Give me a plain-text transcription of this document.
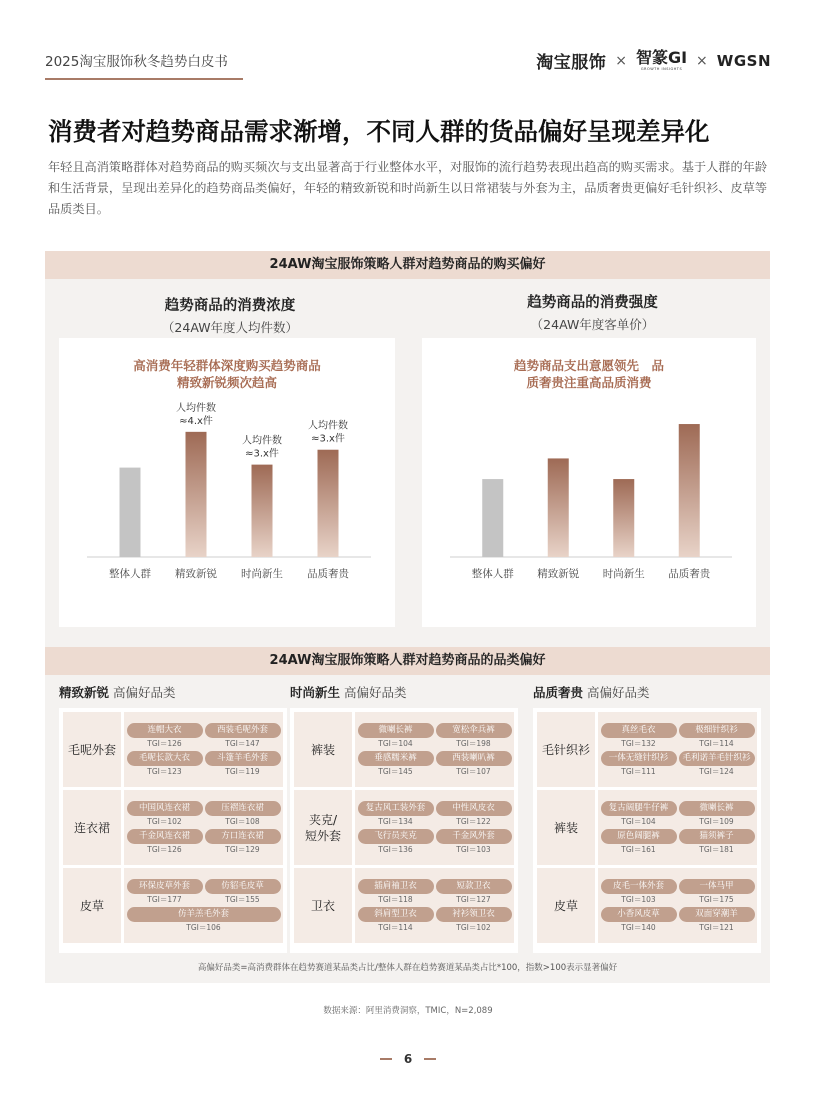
2025淘宝服饰秋冬趋势白皮书	淘宝服饰 × 智篆GI
GROWTH INSIGHTS
× WGSN
消费者对趋势商品需求渐增，不同人群的货品偏好呈现差异化
年轻且高消策略群体对趋势商品的购买频次与支出显著高于行业整体水平，对服饰的流行趋势表现出趋高的购买需求。基于人群的年龄和生活背景，呈现出差异化的趋势商品类偏好，年轻的精致新锐和时尚新生以日常裙装与外套为主，品质奢贵更偏好毛针织衫、皮草等品质类目。
24AW淘宝服饰策略人群对趋势商品的购买偏好
趋势商品的消费浓度
（24AW年度人均件数）
趋势商品的消费强度
（24AW年度客单价）
高消费年轻群体深度购买趋势商品
精致新锐频次趋高
整体人群 精致新锐
人均件数
≈4.x件
时尚新生
人均件数
≈3.x件
品质奢贵
人均件数
≈3.x件
趋势商品支出意愿领先　品
质奢贵注重高品质消费
整体人群 精致新锐 时尚新生 品质奢贵
24AW淘宝服饰策略人群对趋势商品的品类偏好
精致新锐 高偏好品类
毛呢外套
连帽大衣
TGI＝126
西装毛呢外套
TGI＝147
毛呢长款大衣
TGI＝123
斗篷羊毛外套
TGI＝119
连衣裙
中国风连衣裙
TGI＝102
压褶连衣裙
TGI＝108
千金风连衣裙
TGI＝126
方口连衣裙
TGI＝129
皮草
环保皮草外套
TGI＝177
仿貂毛皮草
TGI＝155
仿羊羔毛外套
TGI＝106
时尚新生 高偏好品类
裤装
微喇长裤
TGI＝104
宽松伞兵裤
TGI＝198
垂感糯米裤
TGI＝145
西装喇叭裤
TGI＝107
夹克/
短外套
复古风工装外套
TGI＝134
中性风皮衣
TGI＝122
飞行员夹克
TGI＝136
千金风外套
TGI＝103
卫衣
插肩袖卫衣
TGI＝118
短款卫衣
TGI＝127
斜肩型卫衣
TGI＝114
衬衫领卫衣
TGI＝102
品质奢贵 高偏好品类
毛针织衫
真丝毛衣
TGI＝132
极细针织衫
TGI＝114
一体无缝针织衫
TGI＝111
毛利诺羊毛针织衫
TGI＝124
裤装
复古阔腿牛仔裤
TGI＝104
微喇长裤
TGI＝109
原色阔腿裤
TGI＝161
猫须裤子
TGI＝181
皮草
皮毛一体外套
TGI＝103
一体马甲
TGI＝175
小香风皮草
TGI＝140
双面穿潮羊
TGI＝121
高偏好品类=高消费群体在趋势赛道某品类占比/整体人群在趋势赛道某品类占比*100，指数>100表示显著偏好
数据来源：阿里消费洞察，TMIC，N=2,089
6
